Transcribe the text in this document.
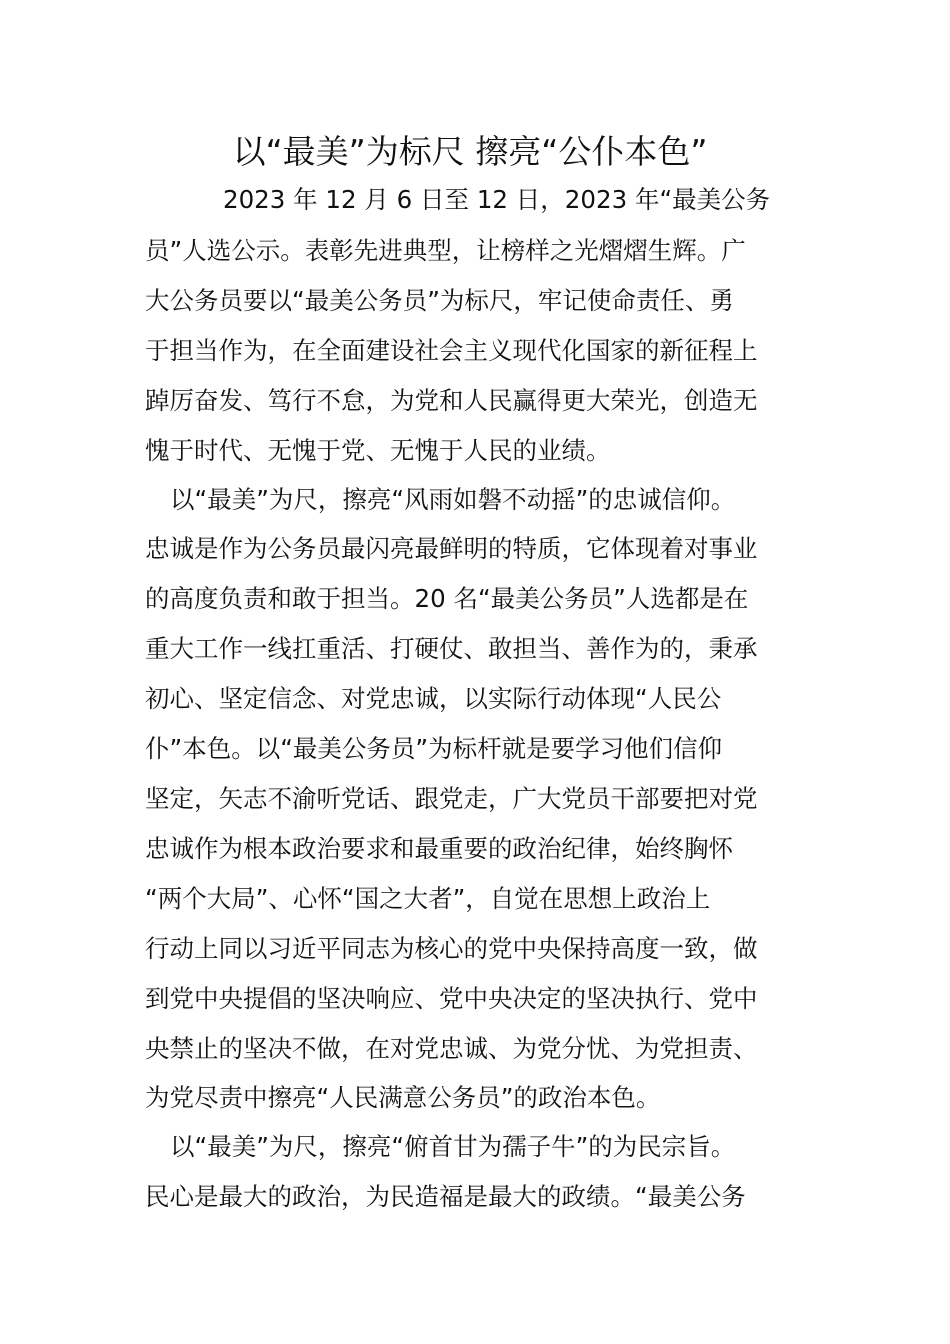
以“最美”为标尺 擦亮“公仆本色”

2023 年 12 月 6 日至 12 日，2023 年“最美公务

员”人选公示。表彰先进典型，让榜样之光熠熠生辉。广

大公务员要以“最美公务员”为标尺，牢记使命责任、勇

于担当作为，在全面建设社会主义现代化国家的新征程上

踔厉奋发、笃行不怠，为党和人民赢得更大荣光，创造无

愧于时代、无愧于党、无愧于人民的业绩。

以“最美”为尺，擦亮“风雨如磐不动摇”的忠诚信仰。

忠诚是作为公务员最闪亮最鲜明的特质，它体现着对事业

的高度负责和敢于担当。20 名“最美公务员”人选都是在

重大工作一线扛重活、打硬仗、敢担当、善作为的，秉承

初心、坚定信念、对党忠诚，以实际行动体现“人民公

仆”本色。以“最美公务员”为标杆就是要学习他们信仰

坚定，矢志不渝听党话、跟党走，广大党员干部要把对党

忠诚作为根本政治要求和最重要的政治纪律，始终胸怀

“两个大局”、心怀“国之大者”，自觉在思想上政治上

行动上同以习近平同志为核心的党中央保持高度一致，做

到党中央提倡的坚决响应、党中央决定的坚决执行、党中

央禁止的坚决不做，在对党忠诚、为党分忧、为党担责、

为党尽责中擦亮“人民满意公务员”的政治本色。

以“最美”为尺，擦亮“俯首甘为孺子牛”的为民宗旨。

民心是最大的政治，为民造福是最大的政绩。“最美公务
